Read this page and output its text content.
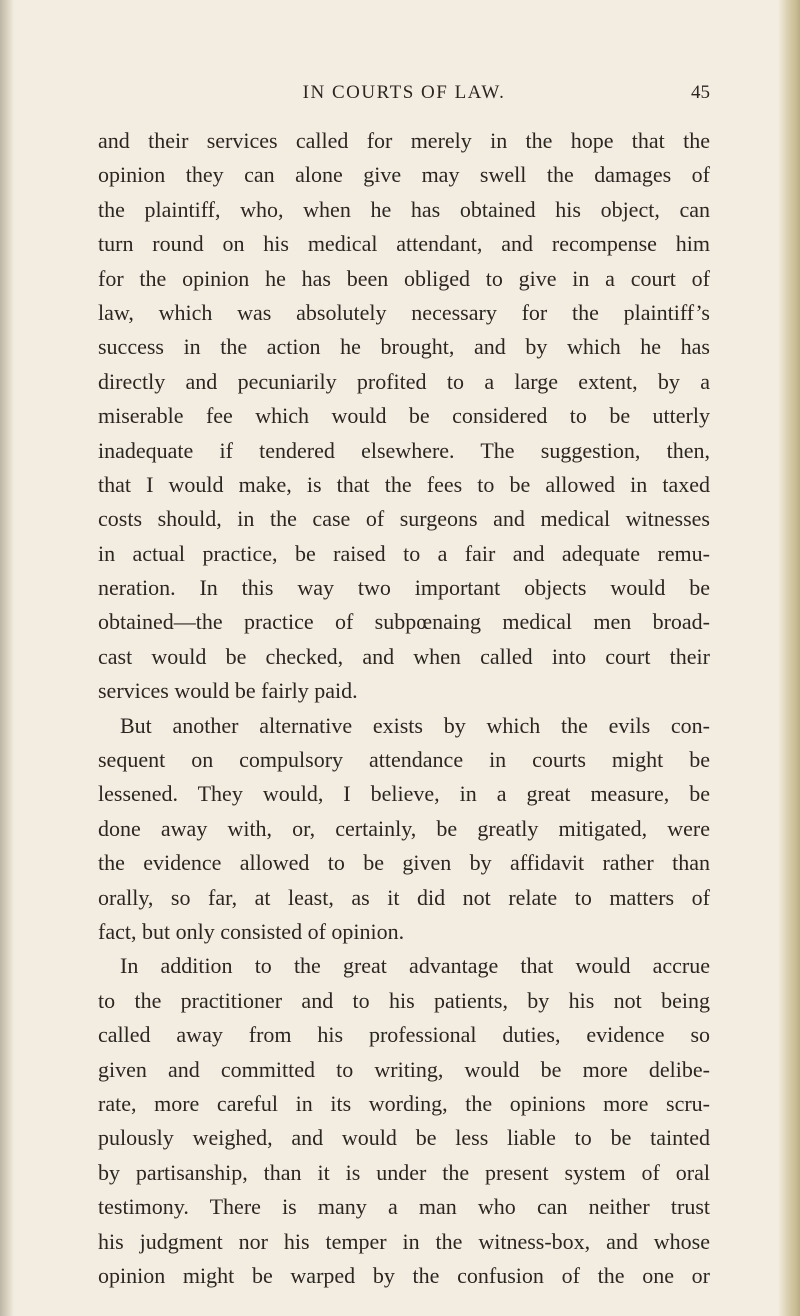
IN COURTS OF LAW.	45
and their services called for merely in the hope that the
opinion they can alone give may swell the damages of
the plaintiff, who, when he has obtained his object, can
turn round on his medical attendant, and recompense him
for the opinion he has been obliged to give in a court of
law, which was absolutely necessary for the plaintiff’s
success in the action he brought, and by which he has
directly and pecuniarily profited to a large extent, by a
miserable fee which would be considered to be utterly
inadequate if tendered elsewhere. The suggestion, then,
that I would make, is that the fees to be allowed in taxed
costs should, in the case of surgeons and medical witnesses
in actual practice, be raised to a fair and adequate remu-
neration. In this way two important objects would be
obtained—the practice of subpœnaing medical men broad-
cast would be checked, and when called into court their
services would be fairly paid.
But another alternative exists by which the evils con-
sequent on compulsory attendance in courts might be
lessened. They would, I believe, in a great measure, be
done away with, or, certainly, be greatly mitigated, were
the evidence allowed to be given by affidavit rather than
orally, so far, at least, as it did not relate to matters of
fact, but only consisted of opinion.
In addition to the great advantage that would accrue
to the practitioner and to his patients, by his not being
called away from his professional duties, evidence so
given and committed to writing, would be more delibe-
rate, more careful in its wording, the opinions more scru-
pulously weighed, and would be less liable to be tainted
by partisanship, than it is under the present system of oral
testimony. There is many a man who can neither trust
his judgment nor his temper in the witness-box, and whose
opinion might be warped by the confusion of the one or
